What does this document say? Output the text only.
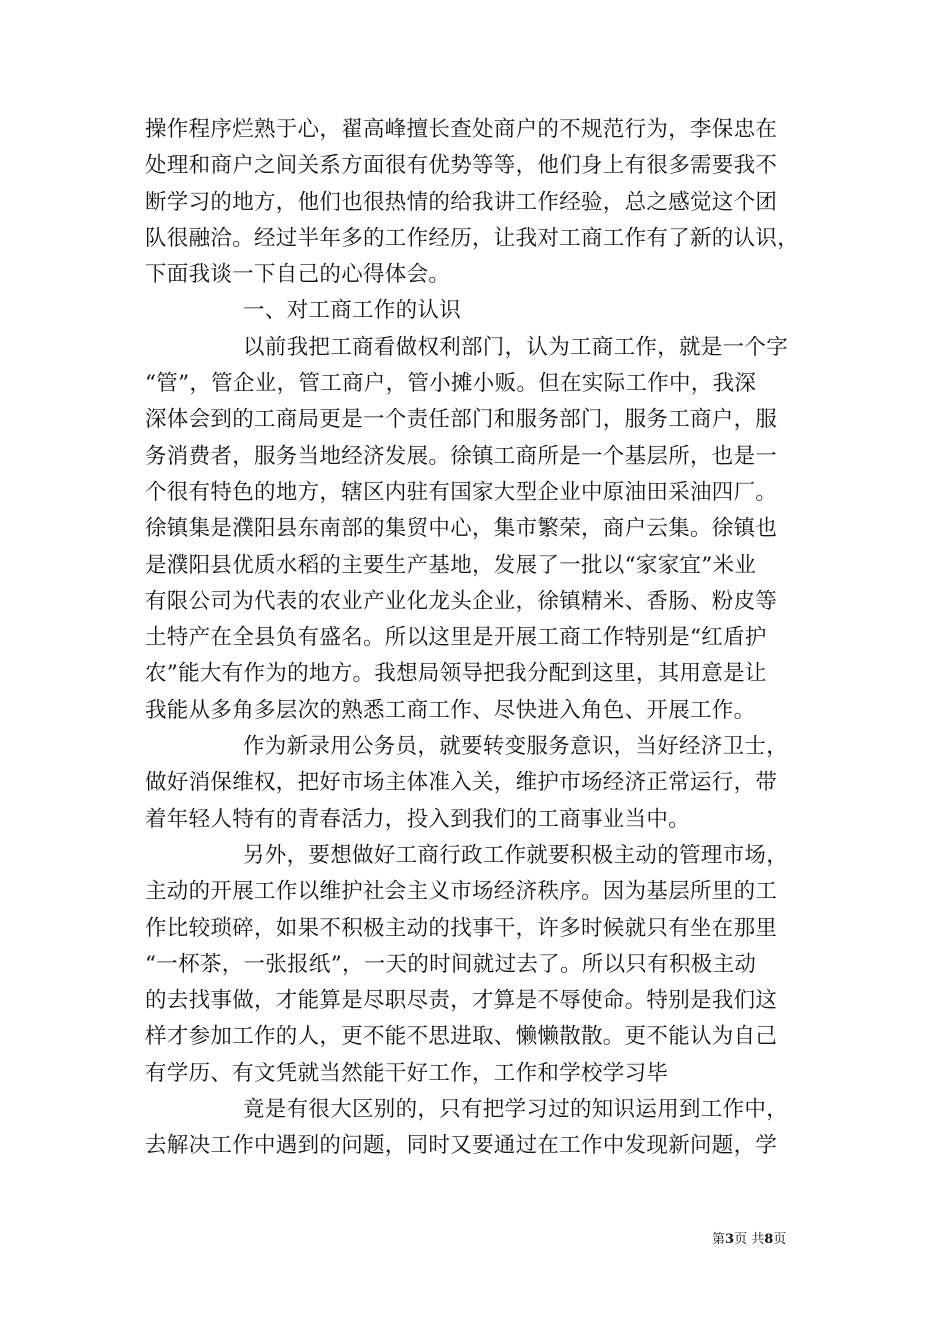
操作程序烂熟于心，翟高峰擅长查处商户的不规范行为，李保忠在
处理和商户之间关系方面很有优势等等，他们身上有很多需要我不
断学习的地方，他们也很热情的给我讲工作经验，总之感觉这个团
队很融洽。经过半年多的工作经历，让我对工商工作有了新的认识，
下面我谈一下自己的心得体会。
一、对工商工作的认识
以前我把工商看做权利部门，认为工商工作，就是一个字
“管”，管企业，管工商户，管小摊小贩。但在实际工作中，我深
深体会到的工商局更是一个责任部门和服务部门，服务工商户，服
务消费者，服务当地经济发展。徐镇工商所是一个基层所，也是一
个很有特色的地方，辖区内驻有国家大型企业中原油田采油四厂。
徐镇集是濮阳县东南部的集贸中心，集市繁荣，商户云集。徐镇也
是濮阳县优质水稻的主要生产基地，发展了一批以“家家宜”米业
有限公司为代表的农业产业化龙头企业，徐镇精米、香肠、粉皮等
土特产在全县负有盛名。所以这里是开展工商工作特别是“红盾护
农”能大有作为的地方。我想局领导把我分配到这里，其用意是让
我能从多角多层次的熟悉工商工作、尽快进入角色、开展工作。
作为新录用公务员，就要转变服务意识，当好经济卫士，
做好消保维权，把好市场主体准入关，维护市场经济正常运行，带
着年轻人特有的青春活力，投入到我们的工商事业当中。
另外，要想做好工商行政工作就要积极主动的管理市场，
主动的开展工作以维护社会主义市场经济秩序。因为基层所里的工
作比较琐碎，如果不积极主动的找事干，许多时候就只有坐在那里
“一杯茶，一张报纸”，一天的时间就过去了。所以只有积极主动
的去找事做，才能算是尽职尽责，才算是不辱使命。特别是我们这
样才参加工作的人，更不能不思进取、懒懒散散。更不能认为自己
有学历、有文凭就当然能干好工作，工作和学校学习毕
竟是有很大区别的，只有把学习过的知识运用到工作中，
去解决工作中遇到的问题，同时又要通过在工作中发现新问题，学
第3页 共8页
